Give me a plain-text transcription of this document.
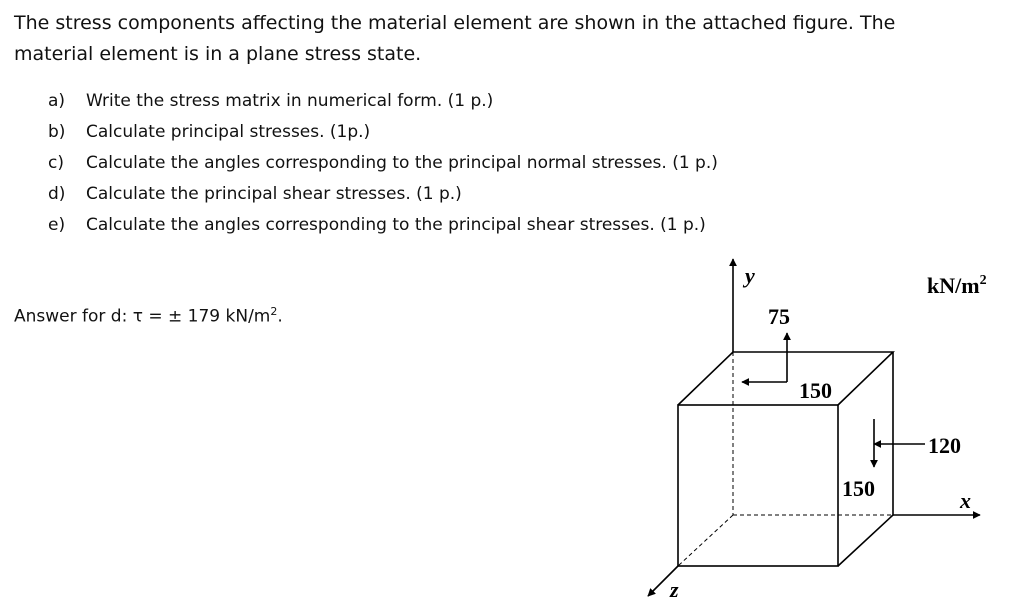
The stress components affecting the material element are shown in the attached figure. The
material element is in a plane stress state.

a)	Write the stress matrix in numerical form. (1 p.)
b)	Calculate principal stresses. (1p.)
c)	Calculate the angles corresponding to the principal normal stresses. (1 p.)
d)	Calculate the principal shear stresses. (1 p.)
e)	Calculate the angles corresponding to the principal shear stresses. (1 p.)

Answer for d: τ = ± 179 $kN/m^2$.

y
x
z
$kN/m^2$
75
150
120
150
